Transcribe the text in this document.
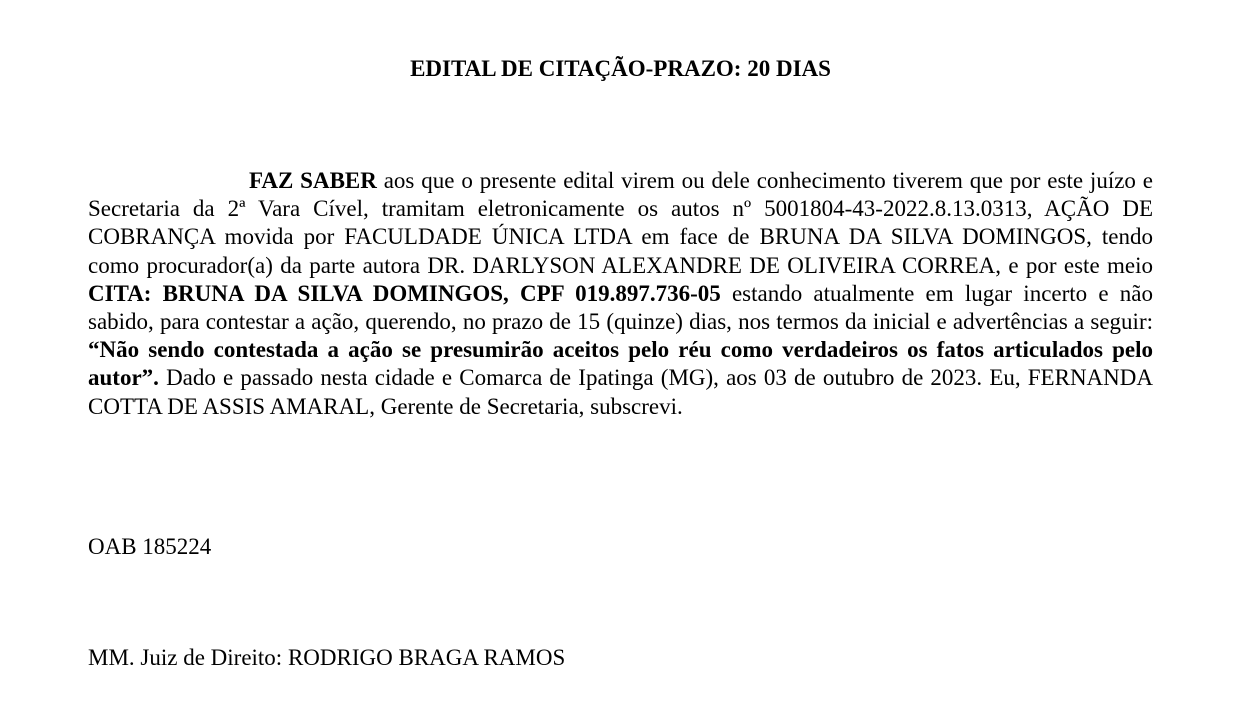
EDITAL DE CITAÇÃO-PRAZO: 20 DIAS

FAZ SABER aos que o presente edital virem ou dele conhecimento tiverem que por este juízo e Secretaria da 2ª Vara Cível, tramitam eletronicamente os autos nº 5001804-43-2022.8.13.0313, AÇÃO DE COBRANÇA movida por FACULDADE ÚNICA LTDA em face de BRUNA DA SILVA DOMINGOS, tendo como procurador(a) da parte autora DR. DARLYSON ALEXANDRE DE OLIVEIRA CORREA, e por este meio CITA: BRUNA DA SILVA DOMINGOS, CPF 019.897.736-05 estando atualmente em lugar incerto e não sabido, para contestar a ação, querendo, no prazo de 15 (quinze) dias, nos termos da inicial e advertências a seguir: “Não sendo contestada a ação se presumirão aceitos pelo réu como verdadeiros os fatos articulados pelo autor”. Dado e passado nesta cidade e Comarca de Ipatinga (MG), aos 03 de outubro de 2023. Eu, FERNANDA COTTA DE ASSIS AMARAL, Gerente de Secretaria, subscrevi.

OAB 185224

MM. Juiz de Direito: RODRIGO BRAGA RAMOS
